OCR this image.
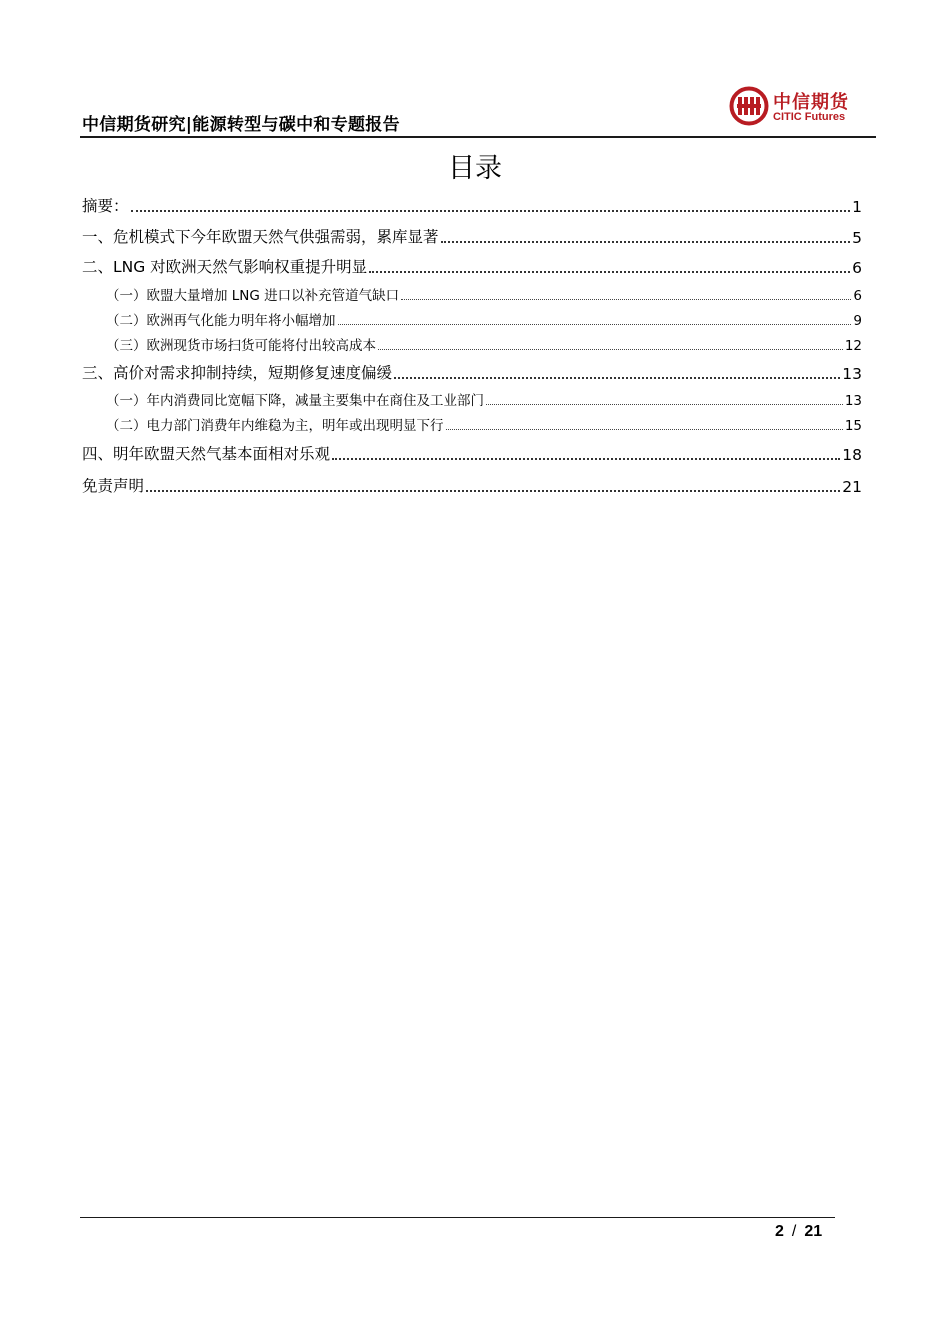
中信期货研究|能源转型与碳中和专题报告
中信期货
CITIC Futures
目录
摘要：	1
一、危机模式下今年欧盟天然气供强需弱，累库显著	5
二、LNG 对欧洲天然气影响权重提升明显	6
（一）欧盟大量增加 LNG 进口以补充管道气缺口	6
（二）欧洲再气化能力明年将小幅增加	9
（三）欧洲现货市场扫货可能将付出较高成本	12
三、高价对需求抑制持续，短期修复速度偏缓	13
（一）年内消费同比宽幅下降，减量主要集中在商住及工业部门	13
（二）电力部门消费年内维稳为主，明年或出现明显下行	15
四、明年欧盟天然气基本面相对乐观	18
免责声明	21
2 / 21
